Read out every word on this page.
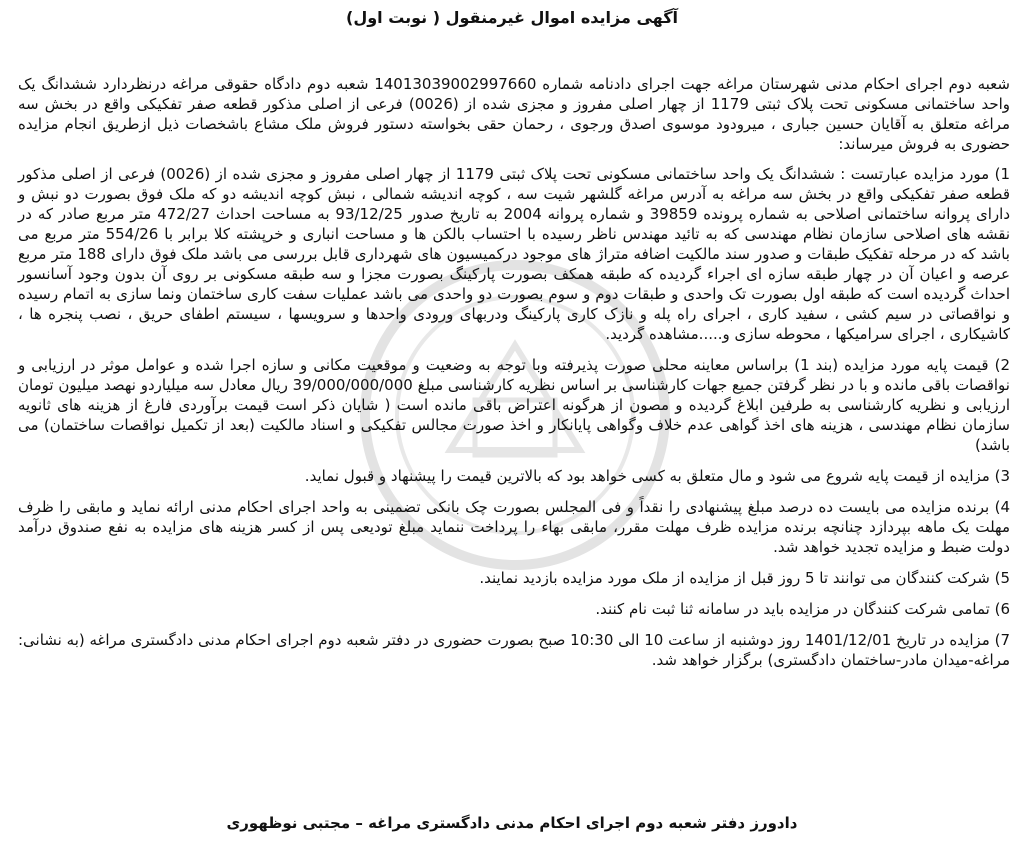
آگهی مزایده اموال غیرمنقول ( نوبت اول)

شعبه دوم اجرای احکام مدنی شهرستان مراغه جهت اجرای دادنامه شماره 14013039002997660 شعبه دوم دادگاه حقوقی مراغه درنظردارد ششدانگ یک واحد ساختمانی مسکونی تحت پلاک ثبتی 1179 از چهار اصلی مفروز و مجزی شده از (0026) فرعی از اصلی مذکور قطعه صفر تفکیکی واقع در بخش سه مراغه متعلق به آقایان حسین جباری ، میرودود موسوی اصدق ورجوی ، رحمان حقی بخواسته دستور فروش ملک مشاع باشخصات ذیل ازطریق انجام مزایده حضوری به فروش میرساند:

1) مورد مزایده عبارتست : ششدانگ یک واحد ساختمانی مسکونی تحت پلاک ثبتی 1179 از چهار اصلی مفروز و مجزی شده از (0026) فرعی از اصلی مذکور قطعه صفر تفکیکی واقع در بخش سه مراغه به آدرس مراغه گلشهر شیت سه ، کوچه اندیشه شمالی ، نبش کوچه اندیشه دو که ملک فوق بصورت دو نبش و دارای پروانه ساختمانی اصلاحی به شماره پرونده 39859 و شماره پروانه 2004 به تاریخ صدور 93/12/25 به مساحت احداث 472/27 متر مربع صادر که در نقشه های اصلاحی سازمان نظام مهندسی که به تائید مهندس ناظر رسیده با احتساب بالکن ها و مساحت انباری و خرپشته کلا برابر با 554/26 متر مربع می باشد که در مرحله تفکیک طبقات و صدور سند مالکیت اضافه متراژ های موجود درکمیسیون های شهرداری قابل بررسی می باشد ملک فوق دارای 188 متر مربع عرصه و اعیان آن در چهار طبقه سازه ای اجراء گردیده که طبقه همکف بصورت پارکینگ بصورت مجزا و سه طبقه مسکونی بر روی آن بدون وجود آسانسور احداث گردیده است که طبقه اول بصورت تک واحدی و طبقات دوم و سوم بصورت دو واحدی می باشد عملیات سفت کاری ساختمان ونما سازی به اتمام رسیده و نواقصاتی در سیم کشی ، سفید کاری ، اجرای راه پله و نازک کاری پارکینگ ودربهای ورودی واحدها و سرویسها ، سیستم اطفای حریق ، نصب پنجره ها ، کاشیکاری ، اجرای سرامیکها ، محوطه سازی و.....مشاهده گردید.

2) قیمت پایه مورد مزایده (بند 1) براساس معاینه محلی صورت پذیرفته وبا توجه به وضعیت و موقعیت مکانی و سازه اجرا شده و عوامل موثر در ارزیابی و نواقصات باقی مانده و با در نظر گرفتن جمیع جهات کارشناسی بر اساس نظریه کارشناسی مبلغ 39/000/000/000 ریال معادل سه میلیاردو نهصد میلیون تومان ارزیابی و نظریه کارشناسی به طرفین ابلاغ گردیده و مصون از هرگونه اعتراض باقی مانده است ( شایان ذکر است قیمت برآوردی فارغ از هزینه های ثانویه سازمان نظام مهندسی ، هزینه های اخذ گواهی عدم خلاف وگواهی پایانکار و اخذ صورت مجالس تفکیکی و اسناد مالکیت (بعد از تکمیل نواقصات ساختمان) می باشد)

3) مزایده از قیمت پایه شروع می شود و مال متعلق به کسی خواهد بود که بالاترین قیمت را پیشنهاد و قبول نماید.

4) برنده مزایده می بایست ده درصد مبلغ پیشنهادی را نقداً و فی المجلس بصورت چک بانکی تضمینی به واحد اجرای احکام مدنی ارائه نماید و مابقی را ظرف مهلت یک ماهه بپردازد چنانچه برنده مزایده ظرف مهلت مقرر، مابقی بهاء را پرداخت ننماید مبلغ تودیعی پس از کسر هزینه های مزایده به نفع صندوق درآمد دولت ضبط و مزایده تجدید خواهد شد.

5) شرکت کنندگان می توانند تا 5 روز قبل از مزایده از ملک مورد مزایده بازدید نمایند.

6) تمامی شرکت کنندگان در مزایده باید در سامانه ثنا ثبت نام کنند.

7) مزایده در تاریخ 1401/12/01 روز دوشنبه از ساعت 10 الی 10:30 صبح بصورت حضوری در دفتر شعبه دوم اجرای احکام مدنی دادگستری مراغه (به نشانی: مراغه-میدان مادر-ساختمان دادگستری) برگزار خواهد شد.

دادورز دفتر شعبه دوم اجرای احکام مدنی دادگستری مراغه – مجتبی نوظهوری
